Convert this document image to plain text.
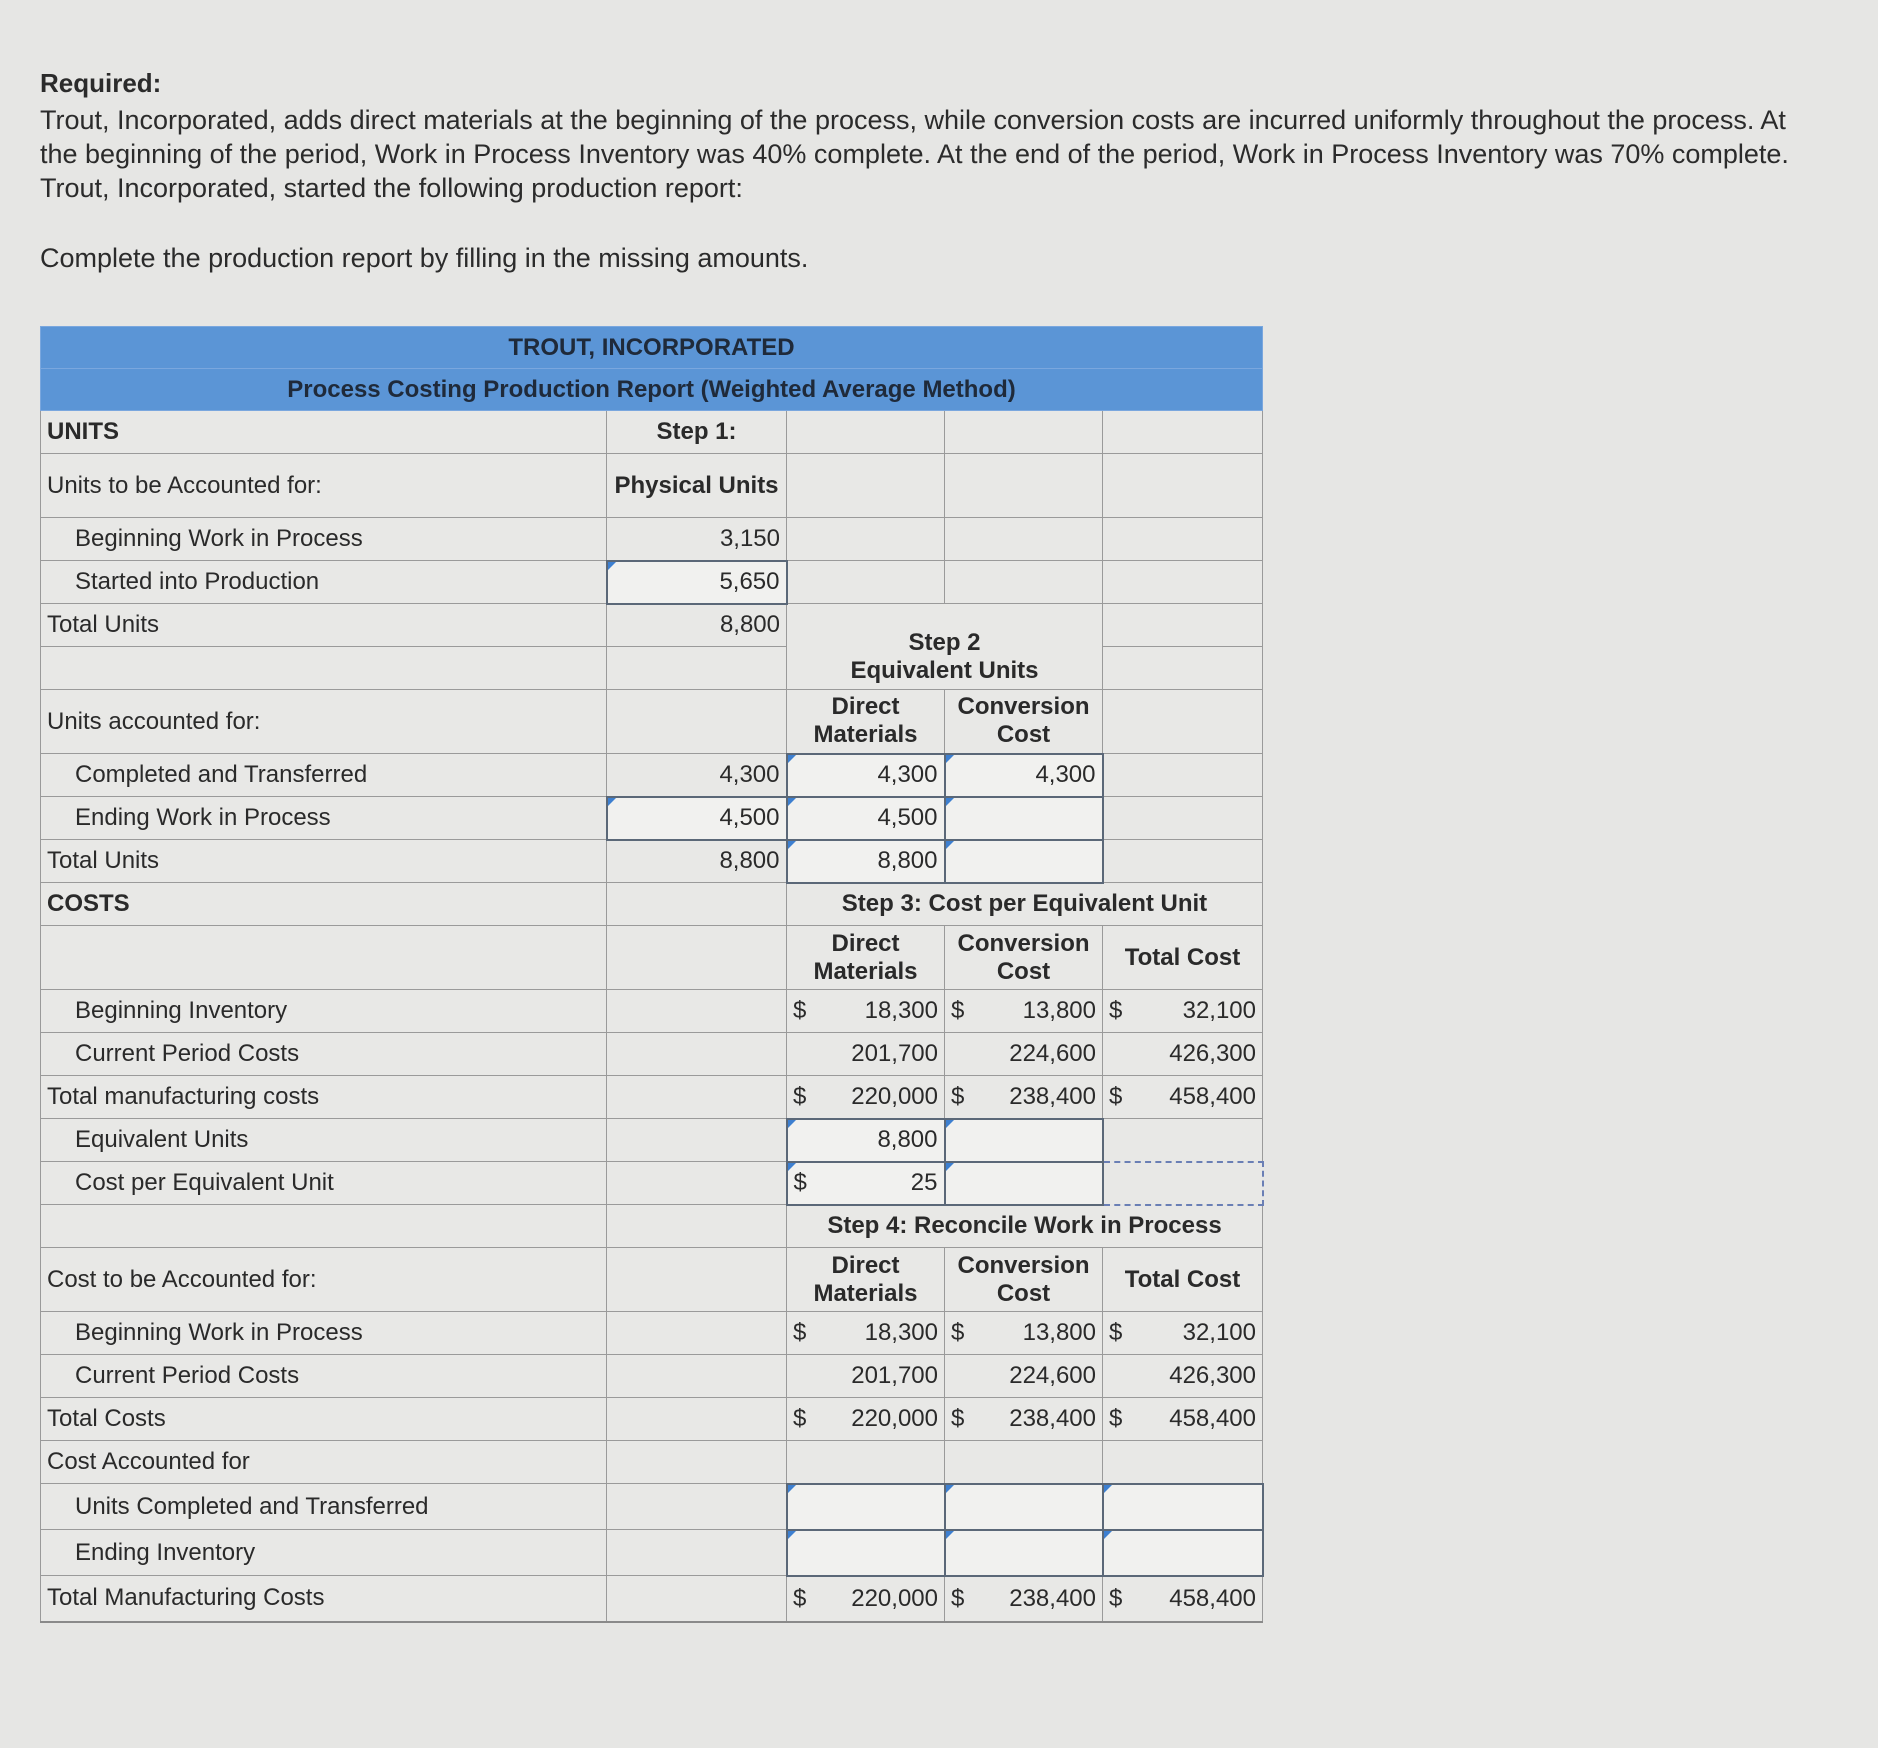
Required:

Trout, Incorporated, adds direct materials at the beginning of the process, while conversion costs are incurred uniformly throughout the process. At the beginning of the period, Work in Process Inventory was 40% complete. At the end of the period, Work in Process Inventory was 70% complete. Trout, Incorporated, started the following production report:

Complete the production report by filling in the missing amounts.

TROUT, INCORPORATED				
Process Costing Production Report (Weighted Average Method)				
UNITS	Step 1:			
Units to be Accounted for:	Physical Units			
Beginning Work in Process	3,150			
Started into Production	5,650			
Total Units	8,800	Step 2
Equivalent Units		

Units accounted for:		Direct Materials	Conversion Cost	
Completed and Transferred	4,300	4,300	4,300	
Ending Work in Process	4,500	4,500		
Total Units	8,800	8,800		
COSTS		Step 3: Cost per Equivalent Unit		
		Direct Materials	Conversion Cost	Total Cost
Beginning Inventory		$ 18,300	$ 13,800	$ 32,100

Current Period Costs		201,700	224,600	426,300
Total manufacturing costs		$ 220,000	$ 238,400	$ 458,400

Equivalent Units		8,800		
Cost per Equivalent Unit		$ 25		

		Step 4: Reconcile Work in Process		
Cost to be Accounted for:		Direct Materials	Conversion Cost	Total Cost
Beginning Work in Process		$ 18,300	$ 13,800	$ 32,100

Current Period Costs		201,700	224,600	426,300
Total Costs		$ 220,000	$ 238,400	$ 458,400

Cost Accounted for				
Units Completed and Transferred				
Ending Inventory				
Total Manufacturing Costs		$ 220,000	$ 238,400	$ 458,400
